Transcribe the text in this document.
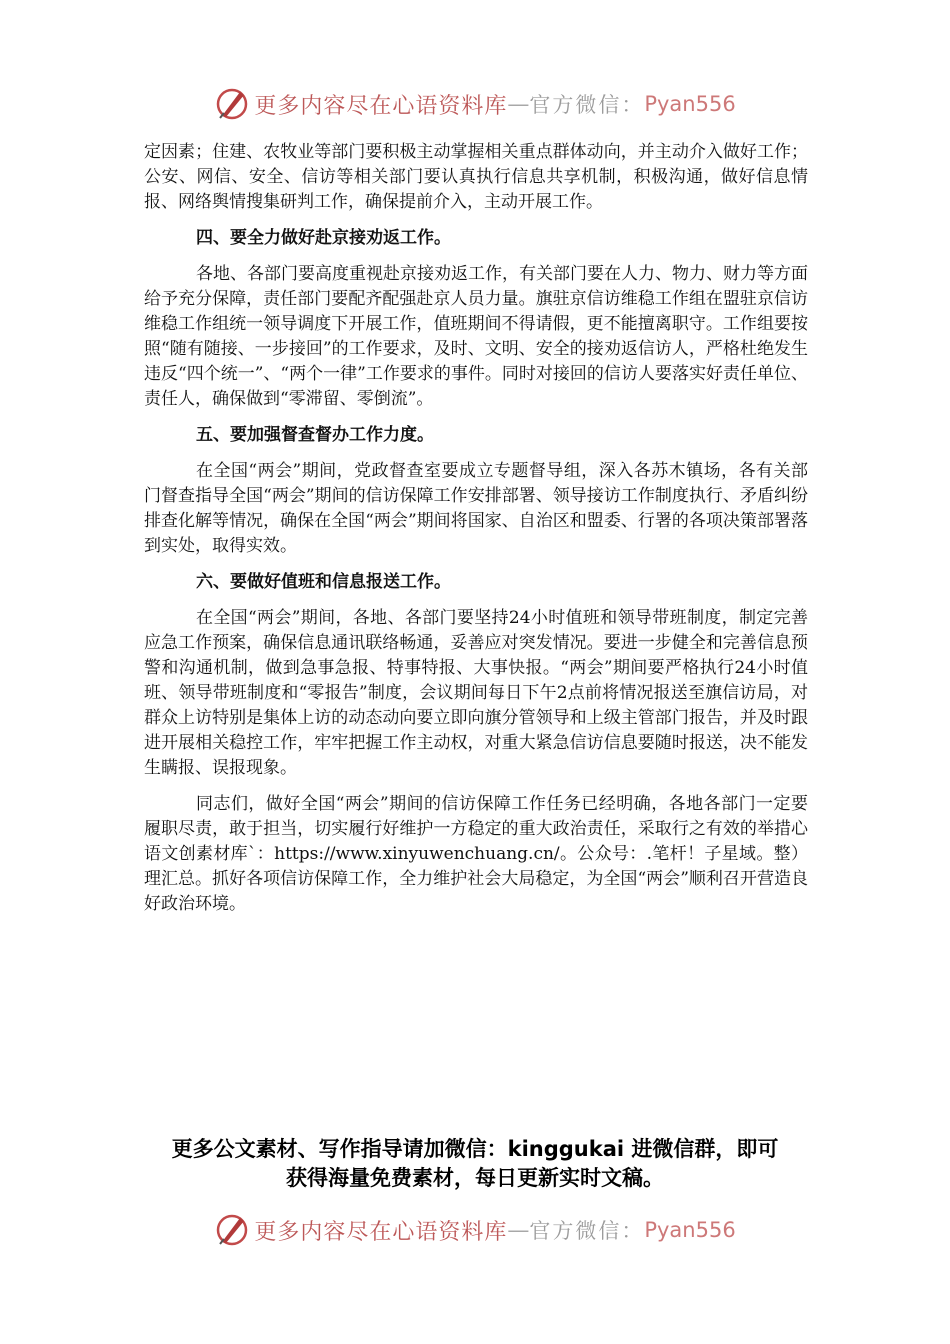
更多内容尽在心语资料库 — 官方微信： Pyan556

定因素；住建、农牧业等部门要积极主动掌握相关重点群体动向，并主动介入做好工作；公安、网信、安全、信访等相关部门要认真执行信息共享机制，积极沟通，做好信息情报、网络舆情搜集研判工作，确保提前介入，主动开展工作。

四、要全力做好赴京接劝返工作。

各地、各部门要高度重视赴京接劝返工作，有关部门要在人力、物力、财力等方面给予充分保障，责任部门要配齐配强赴京人员力量。旗驻京信访维稳工作组在盟驻京信访维稳工作组统一领导调度下开展工作，值班期间不得请假，更不能擅离职守。工作组要按照“随有随接、一步接回”的工作要求，及时、文明、安全的接劝返信访人，严格杜绝发生违反“四个统一”、“两个一律”工作要求的事件。同时对接回的信访人要落实好责任单位、责任人，确保做到“零滞留、零倒流”。

五、要加强督查督办工作力度。

在全国“两会”期间，党政督查室要成立专题督导组，深入各苏木镇场，各有关部门督查指导全国“两会”期间的信访保障工作安排部署、领导接访工作制度执行、矛盾纠纷排查化解等情况，确保在全国“两会”期间将国家、自治区和盟委、行署的各项决策部署落到实处，取得实效。

六、要做好值班和信息报送工作。

在全国“两会”期间，各地、各部门要坚持24小时值班和领导带班制度，制定完善应急工作预案，确保信息通讯联络畅通，妥善应对突发情况。要进一步健全和完善信息预警和沟通机制，做到急事急报、特事特报、大事快报。“两会”期间要严格执行24小时值班、领导带班制度和“零报告”制度，会议期间每日下午2点前将情况报送至旗信访局，对群众上访特别是集体上访的动态动向要立即向旗分管领导和上级主管部门报告，并及时跟进开展相关稳控工作，牢牢把握工作主动权，对重大紧急信访信息要随时报送，决不能发生瞒报、误报现象。

同志们，做好全国“两会”期间的信访保障工作任务已经明确，各地各部门一定要履职尽责，敢于担当，切实履行好维护一方稳定的重大政治责任，采取行之有效的举措心语文创素材库`：https://www.xinyuwenchuang.cn/。公众号：.笔杆！子星域。整）理汇总。抓好各项信访保障工作，全力维护社会大局稳定，为全国“两会”顺利召开营造良好政治环境。

更多公文素材、写作指导请加微信：kinggukai 进微信群，即可
获得海量免费素材，每日更新实时文稿。
更多内容尽在心语资料库 — 官方微信： Pyan556
